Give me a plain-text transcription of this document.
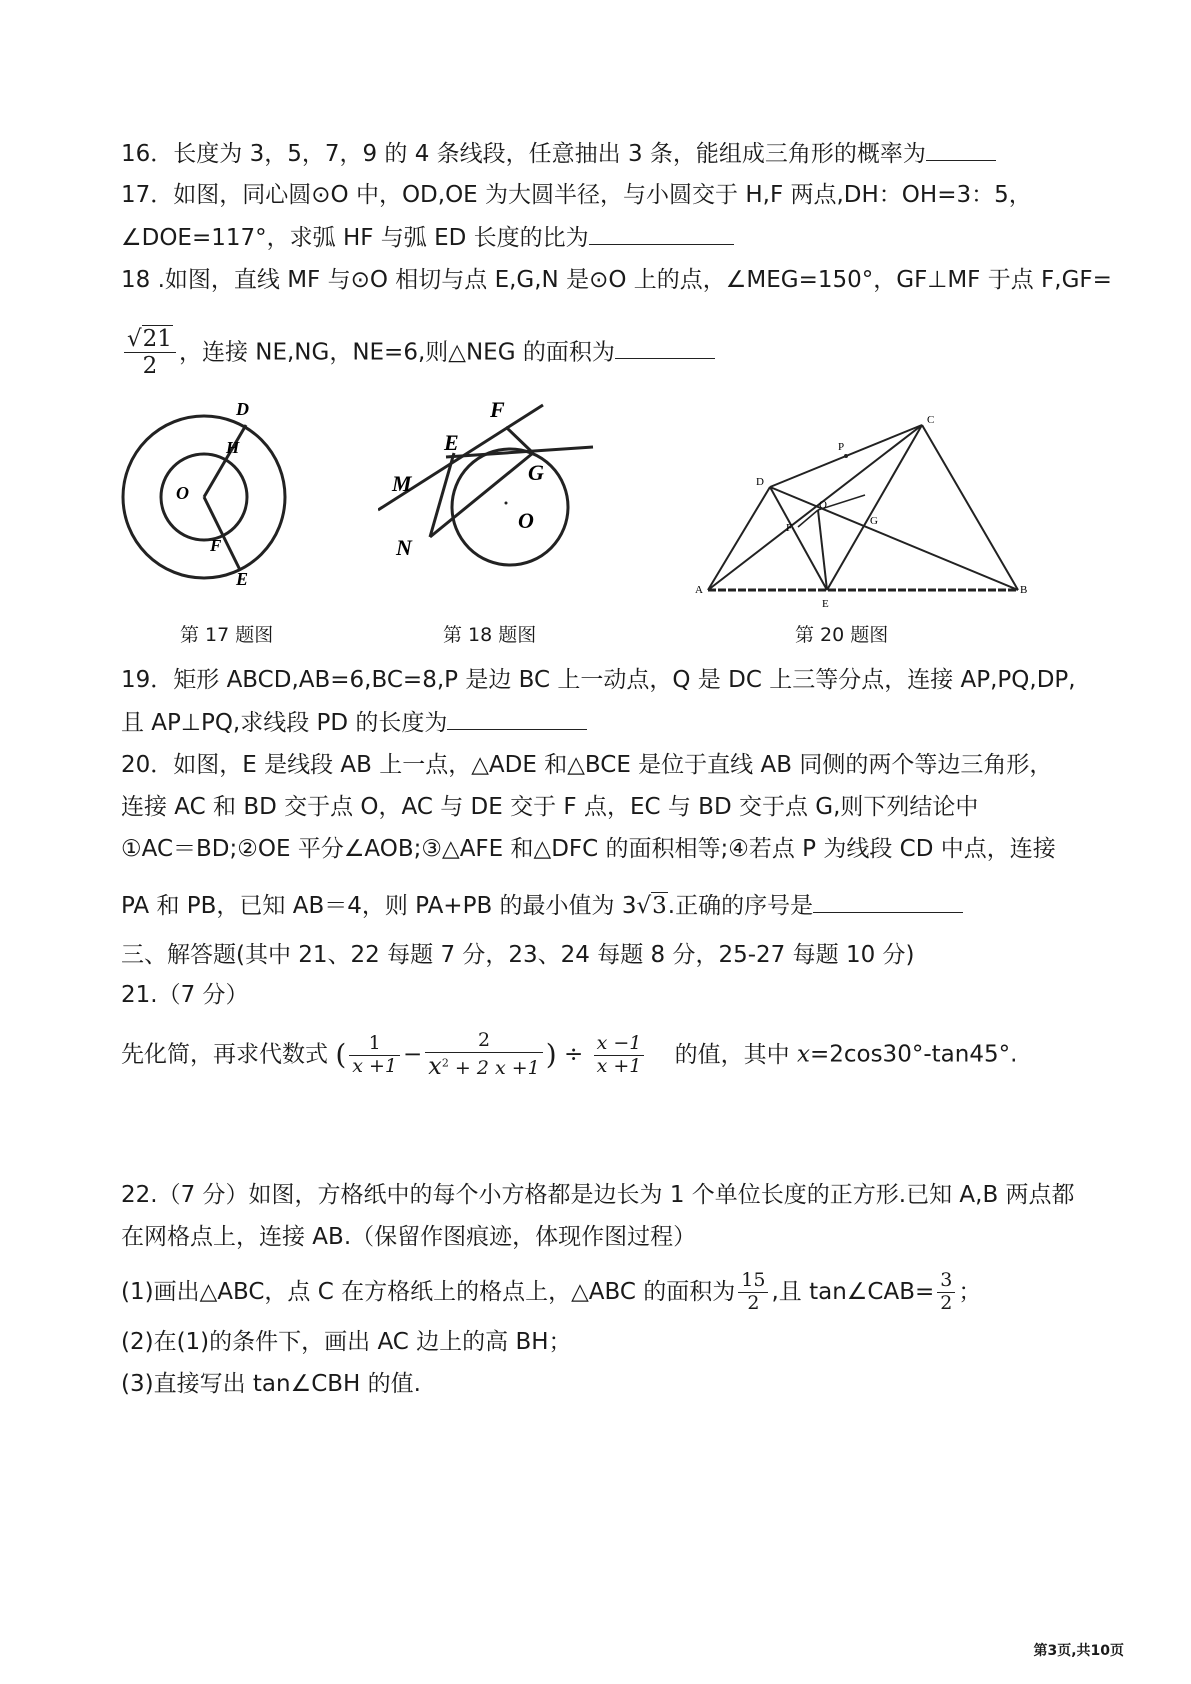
16．长度为 3，5，7，9 的 4 条线段，任意抽出 3 条，能组成三角形的概率为
17．如图，同心圆⊙O 中，OD,OE 为大圆半径，与小圆交于 H,F 两点,DH：OH=3：5，
∠DOE=117°，求弧 HF 与弧 ED 长度的比为
18 .如图，直线 MF 与⊙O 相切与点 E,G,N 是⊙O 上的点，∠MEG=150°，GF⊥MF 于点 F,GF=
$\frac{√21}{2}$ ，连接 NE,NG，NE=6,则△NEG 的面积为
D
H
O
F
E
第 17 题图
F
E
M	G
O
N
第 18 题图
C
P
D
O
F
G
A
E
B
第 20 题图
19．矩形 ABCD,AB=6,BC=8,P 是边 BC 上一动点，Q 是 DC 上三等分点，连接 AP,PQ,DP,
且 AP⊥PQ,求线段 PD 的长度为
20．如图，E 是线段 AB 上一点，△ADE 和△BCE 是位于直线 AB 同侧的两个等边三角形，
连接 AC 和 BD 交于点 O，AC 与 DE 交于 F 点，EC 与 BD 交于点 G,则下列结论中
①AC＝BD;②OE 平分∠AOB;③△AFE 和△DFC 的面积相等;④若点 P 为线段 CD 中点，连接
PA 和 PB，已知 AB＝4，则 PA+PB 的最小值为 3√3.正确的序号是
三、解答题(其中 21、22 每题 7 分，23、24 每题 8 分，25-27 每题 10 分)
21.（7 分）
先化简，再求代数式 ( $\frac{1}{x +1} - \frac{2}{x^2 + 2 x +1}$ ) ÷ $\frac{x -1}{x +1}$ 的值，其中 x=2cos30°-tan45°.
22.（7 分）如图，方格纸中的每个小方格都是边长为 1 个单位长度的正方形.已知 A,B 两点都
在网格点上，连接 AB.（保留作图痕迹，体现作图过程）
(1)画出△ABC，点 C 在方格纸上的格点上，△ABC 的面积为 $\frac{15}{2}$ ,且 tan∠CAB= $\frac{3}{2}$ ；
(2)在(1)的条件下，画出 AC 边上的高 BH；
(3)直接写出 tan∠CBH 的值.
第3页,共10页
